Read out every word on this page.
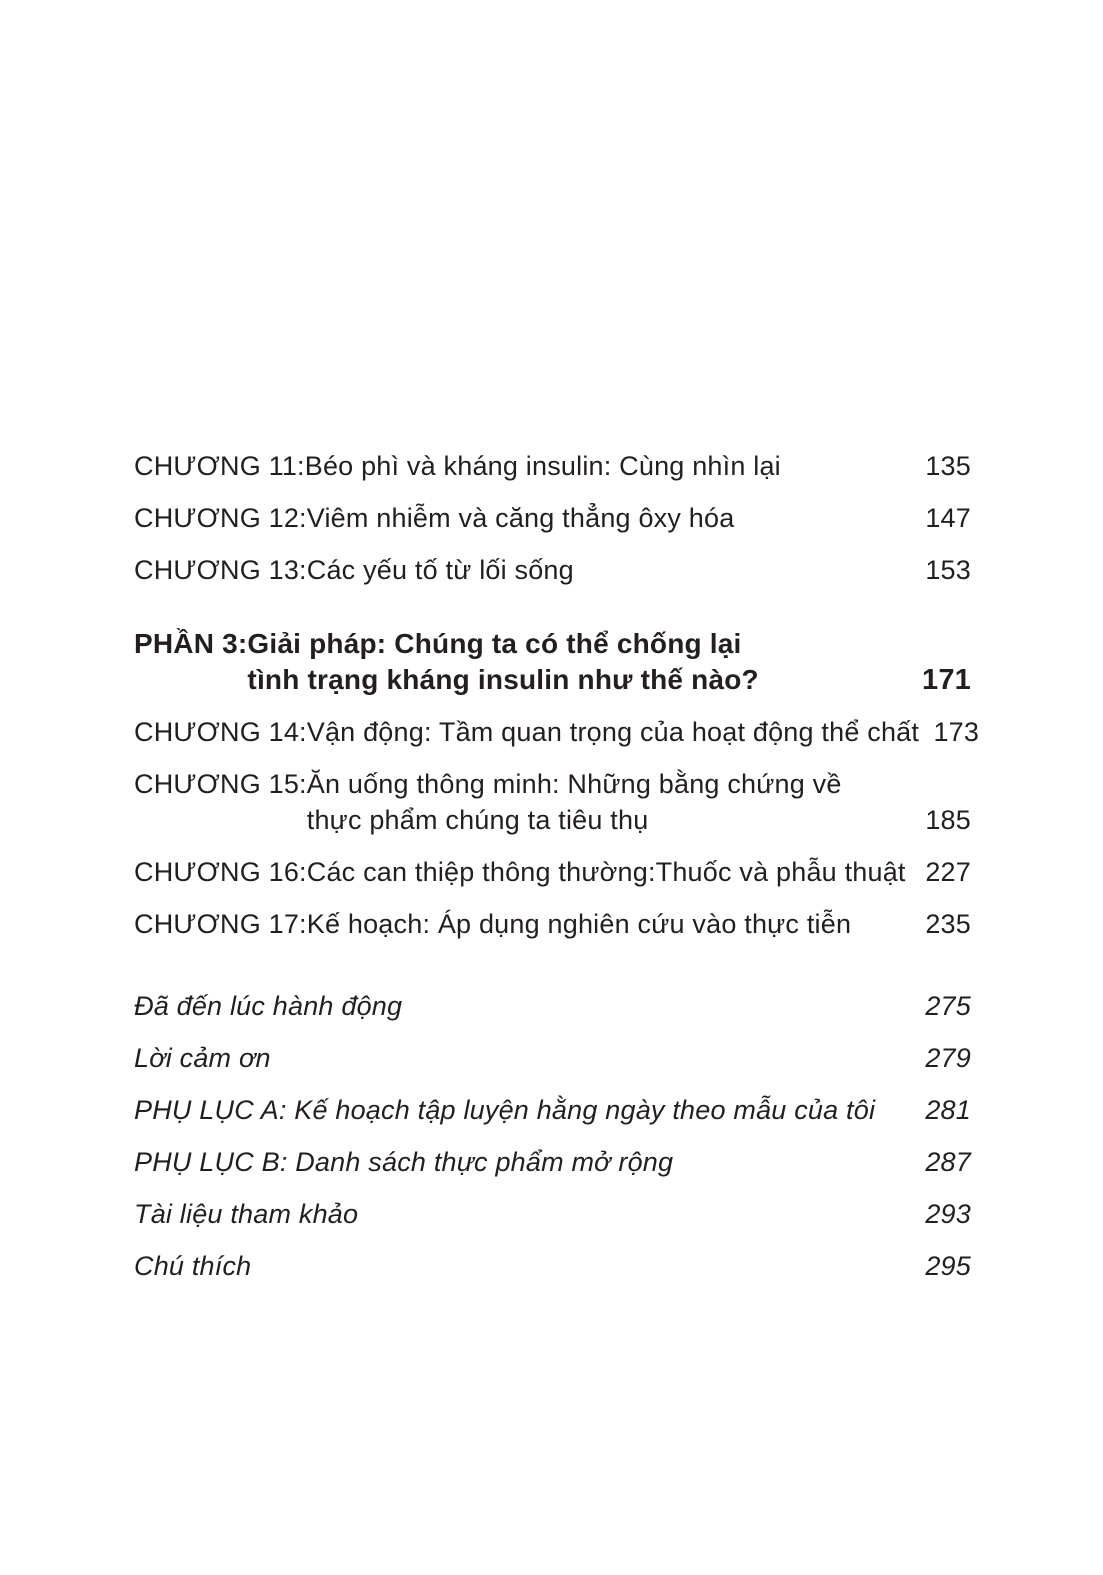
CHƯƠNG 11: Béo phì và kháng insulin: Cùng nhìn lại	135
CHƯƠNG 12: Viêm nhiễm và căng thẳng ôxy hóa	147
CHƯƠNG 13: Các yếu tố từ lối sống	153
PHẦN 3: Giải pháp: Chúng ta có thể chống lại
tình trạng kháng insulin như thế nào?	171
CHƯƠNG 14: Vận động: Tầm quan trọng của hoạt động thể chất 173
CHƯƠNG 15: Ăn uống thông minh: Những bằng chứng về
thực phẩm chúng ta tiêu thụ	185
CHƯƠNG 16: Các can thiệp thông thường:Thuốc và phẫu thuật 227
CHƯƠNG 17: Kế hoạch: Áp dụng nghiên cứu vào thực tiễn	235
Đã đến lúc hành động	275
Lời cảm ơn	279
PHỤ LỤC A: Kế hoạch tập luyện hằng ngày theo mẫu của tôi	281
PHỤ LỤC B: Danh sách thực phẩm mở rộng	287
Tài liệu tham khảo	293
Chú thích	295
